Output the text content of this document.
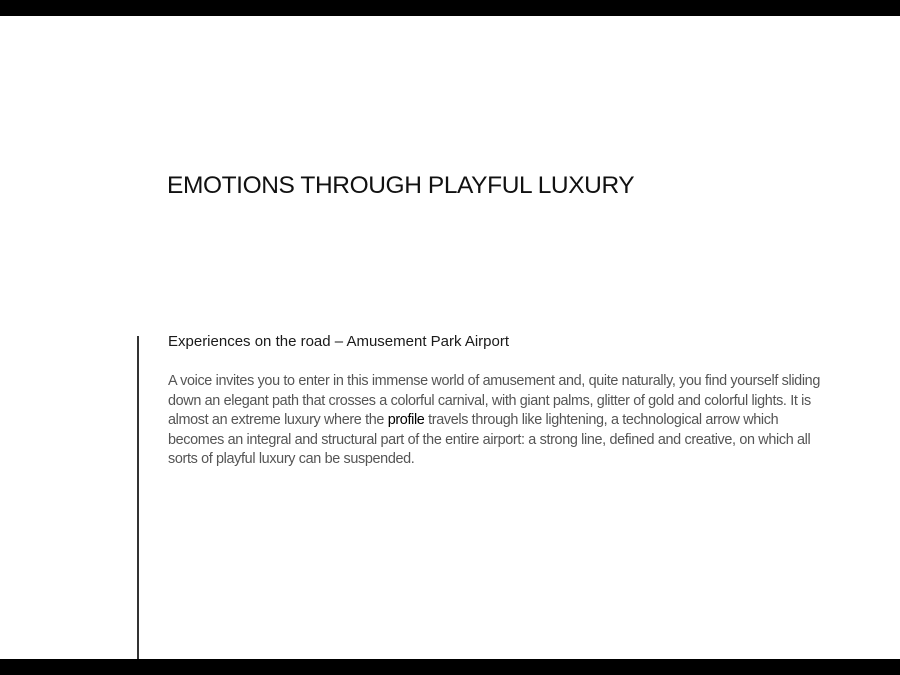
EMOTIONS THROUGH PLAYFUL LUXURY

Experiences on the road – Amusement Park Airport

A voice invites you to enter in this immense world of amusement and, quite naturally, you find yourself sliding down an elegant path that crosses a colorful carnival, with giant palms, glitter of gold and colorful lights. It is almost an extreme luxury where the profile travels through like lightening, a technological arrow which becomes an integral and structural part of the entire airport: a strong line, defined and creative, on which all sorts of playful luxury can be suspended.
